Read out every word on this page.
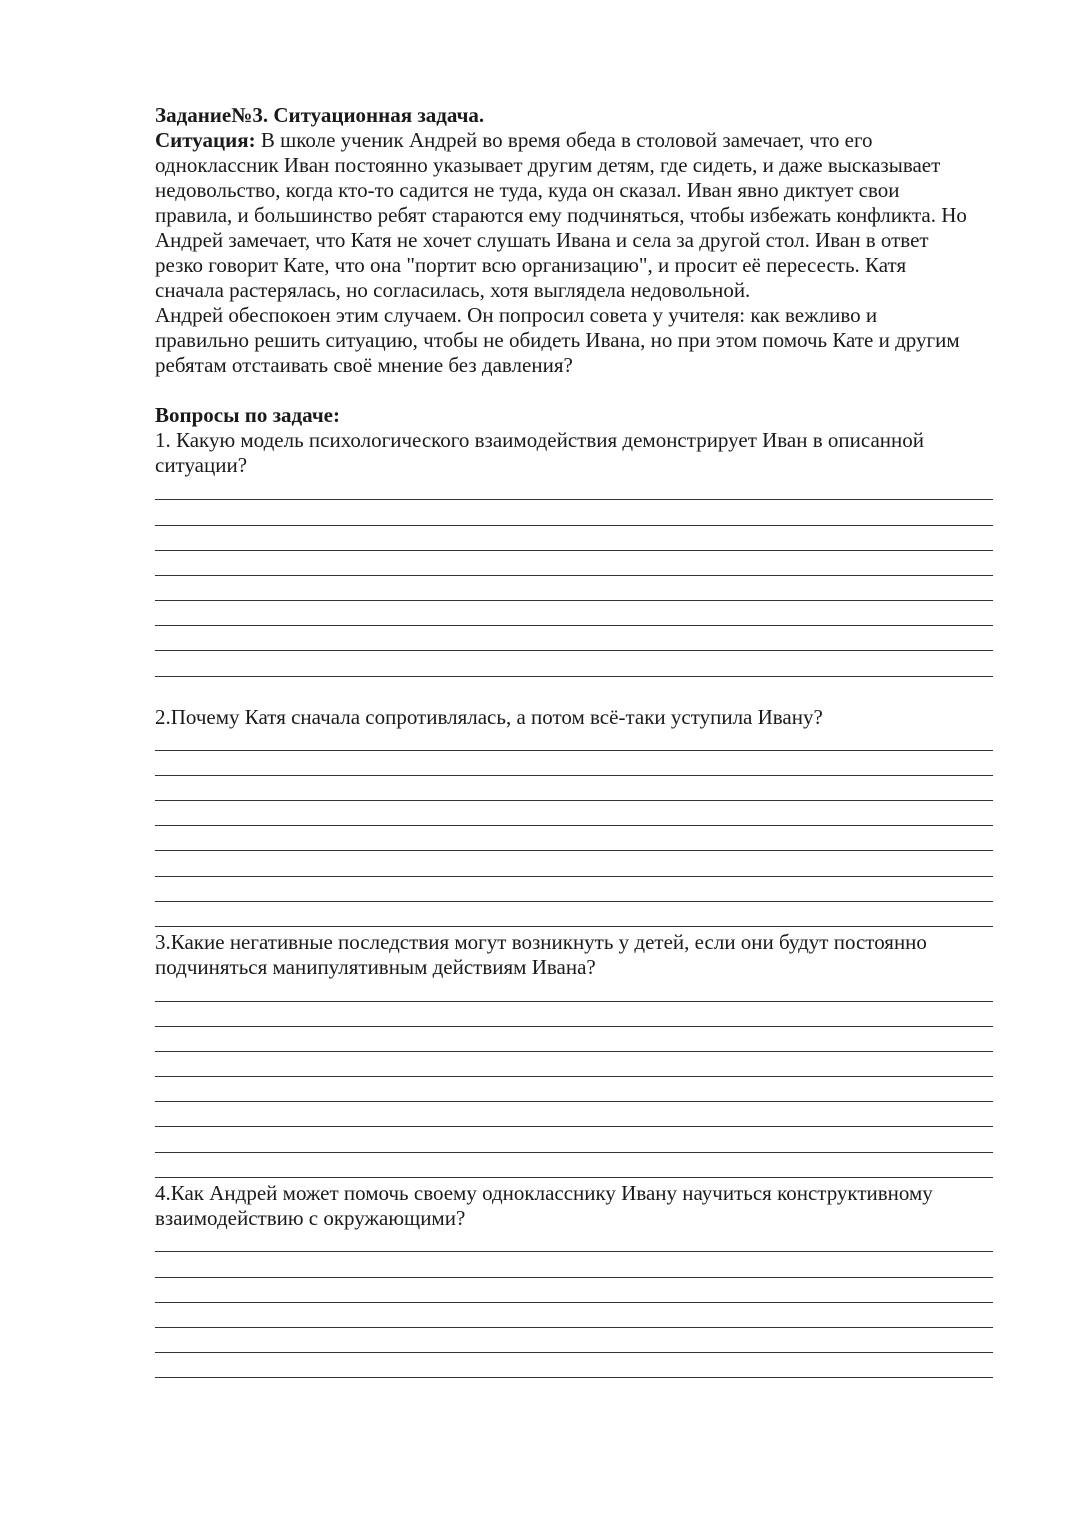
Задание№3. Ситуационная задача.

Ситуация: В школе ученик Андрей во время обеда в столовой замечает, что его

одноклассник Иван постоянно указывает другим детям, где сидеть, и даже высказывает

недовольство, когда кто-то садится не туда, куда он сказал. Иван явно диктует свои

правила, и большинство ребят стараются ему подчиняться, чтобы избежать конфликта. Но

Андрей замечает, что Катя не хочет слушать Ивана и села за другой стол. Иван в ответ

резко говорит Кате, что она "портит всю организацию", и просит её пересесть. Катя

сначала растерялась, но согласилась, хотя выглядела недовольной.

Андрей обеспокоен этим случаем. Он попросил совета у учителя: как вежливо и

правильно решить ситуацию, чтобы не обидеть Ивана, но при этом помочь Кате и другим

ребятам отстаивать своё мнение без давления?

Вопросы по задаче:

1. Какую модель психологического взаимодействия демонстрирует Иван в описанной
ситуации?

2.Почему Катя сначала сопротивлялась, а потом всё-таки уступила Ивану?

3.Какие негативные последствия могут возникнуть у детей, если они будут постоянно
подчиняться манипулятивным действиям Ивана?

4.Как Андрей может помочь своему однокласснику Ивану научиться конструктивному
взаимодействию с окружающими?
